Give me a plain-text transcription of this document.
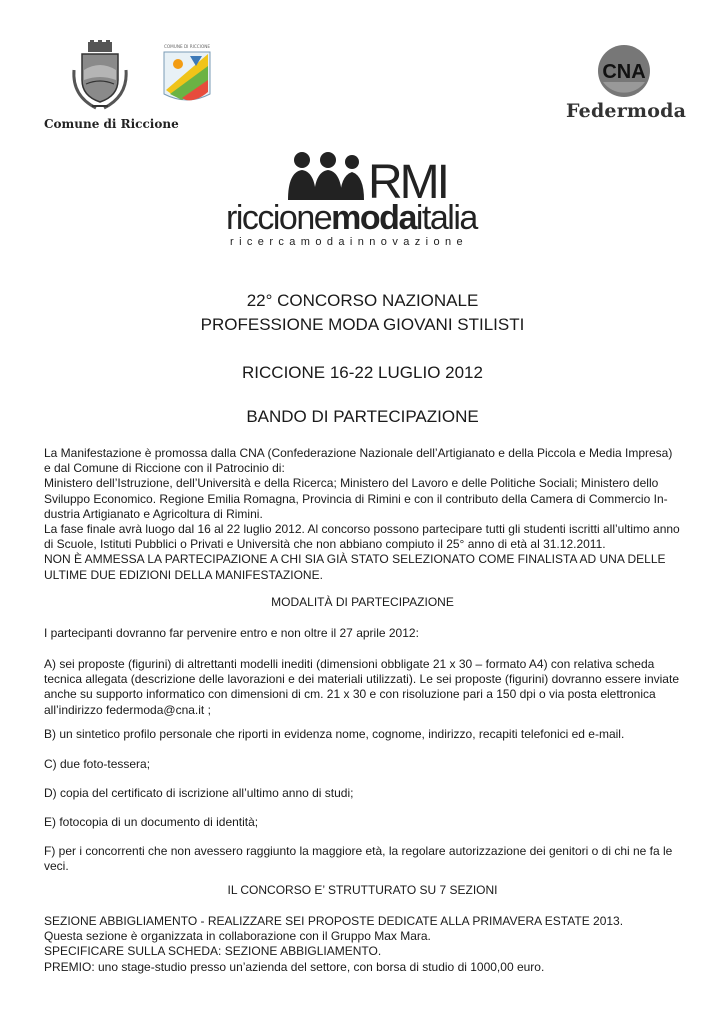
Comune di Riccione
COMUNE DI RICCIONE
CNA
Federmoda
RMI
riccionemodaitalia
ricercamodainnovazione
22° CONCORSO NAZIONALE
PROFESSIONE MODA GIOVANI STILISTI
RICCIONE 16-22 LUGLIO 2012
BANDO DI PARTECIPAZIONE
La Manifestazione è promossa dalla CNA (Confederazione Nazionale dell’Artigianato e della Piccola e Media Impresa)
e dal Comune di Riccione con il Patrocinio di:
Ministero dell’Istruzione, dell’Università e della Ricerca; Ministero del Lavoro e delle Politiche Sociali; Ministero dello
Sviluppo Economico. Regione Emilia Romagna, Provincia di Rimini e con il contributo della Camera di Commercio In-
dustria Artigianato e Agricoltura di Rimini.
La fase finale avrà luogo dal 16 al 22 luglio 2012. Al concorso possono partecipare tutti gli studenti iscritti all’ultimo anno
di Scuole, Istituti Pubblici o Privati e Università che non abbiano compiuto il 25° anno di età al 31.12.2011.
NON È AMMESSA LA PARTECIPAZIONE A CHI SIA GIÀ STATO SELEZIONATO COME FINALISTA AD UNA DELLE
ULTIME DUE EDIZIONI DELLA MANIFESTAZIONE.
MODALITÀ DI PARTECIPAZIONE
I partecipanti dovranno far pervenire entro e non oltre il 27 aprile 2012:
A) sei proposte (figurini) di altrettanti modelli inediti (dimensioni obbligate 21 x 30 – formato A4) con relativa scheda
tecnica allegata (descrizione delle lavorazioni e dei materiali utilizzati). Le sei proposte (figurini) dovranno essere inviate
anche su supporto informatico con dimensioni di cm. 21 x 30 e con risoluzione pari a 150 dpi o via posta elettronica
all’indirizzo federmoda@cna.it ;
B) un sintetico profilo personale che riporti in evidenza nome, cognome, indirizzo, recapiti telefonici ed e-mail.
C) due foto-tessera;
D) copia del certificato di iscrizione all’ultimo anno di studi;
E) fotocopia di un documento di identità;
F) per i concorrenti che non avessero raggiunto la maggiore età, la regolare autorizzazione dei genitori o di chi ne fa le
veci.
IL CONCORSO E’ STRUTTURATO SU 7 SEZIONI
SEZIONE ABBIGLIAMENTO - REALIZZARE SEI PROPOSTE DEDICATE ALLA PRIMAVERA ESTATE 2013.
Questa sezione è organizzata in collaborazione con il Gruppo Max Mara.
SPECIFICARE SULLA SCHEDA: SEZIONE ABBIGLIAMENTO.
PREMIO: uno stage-studio presso un’azienda del settore, con borsa di studio di 1000,00 euro.
